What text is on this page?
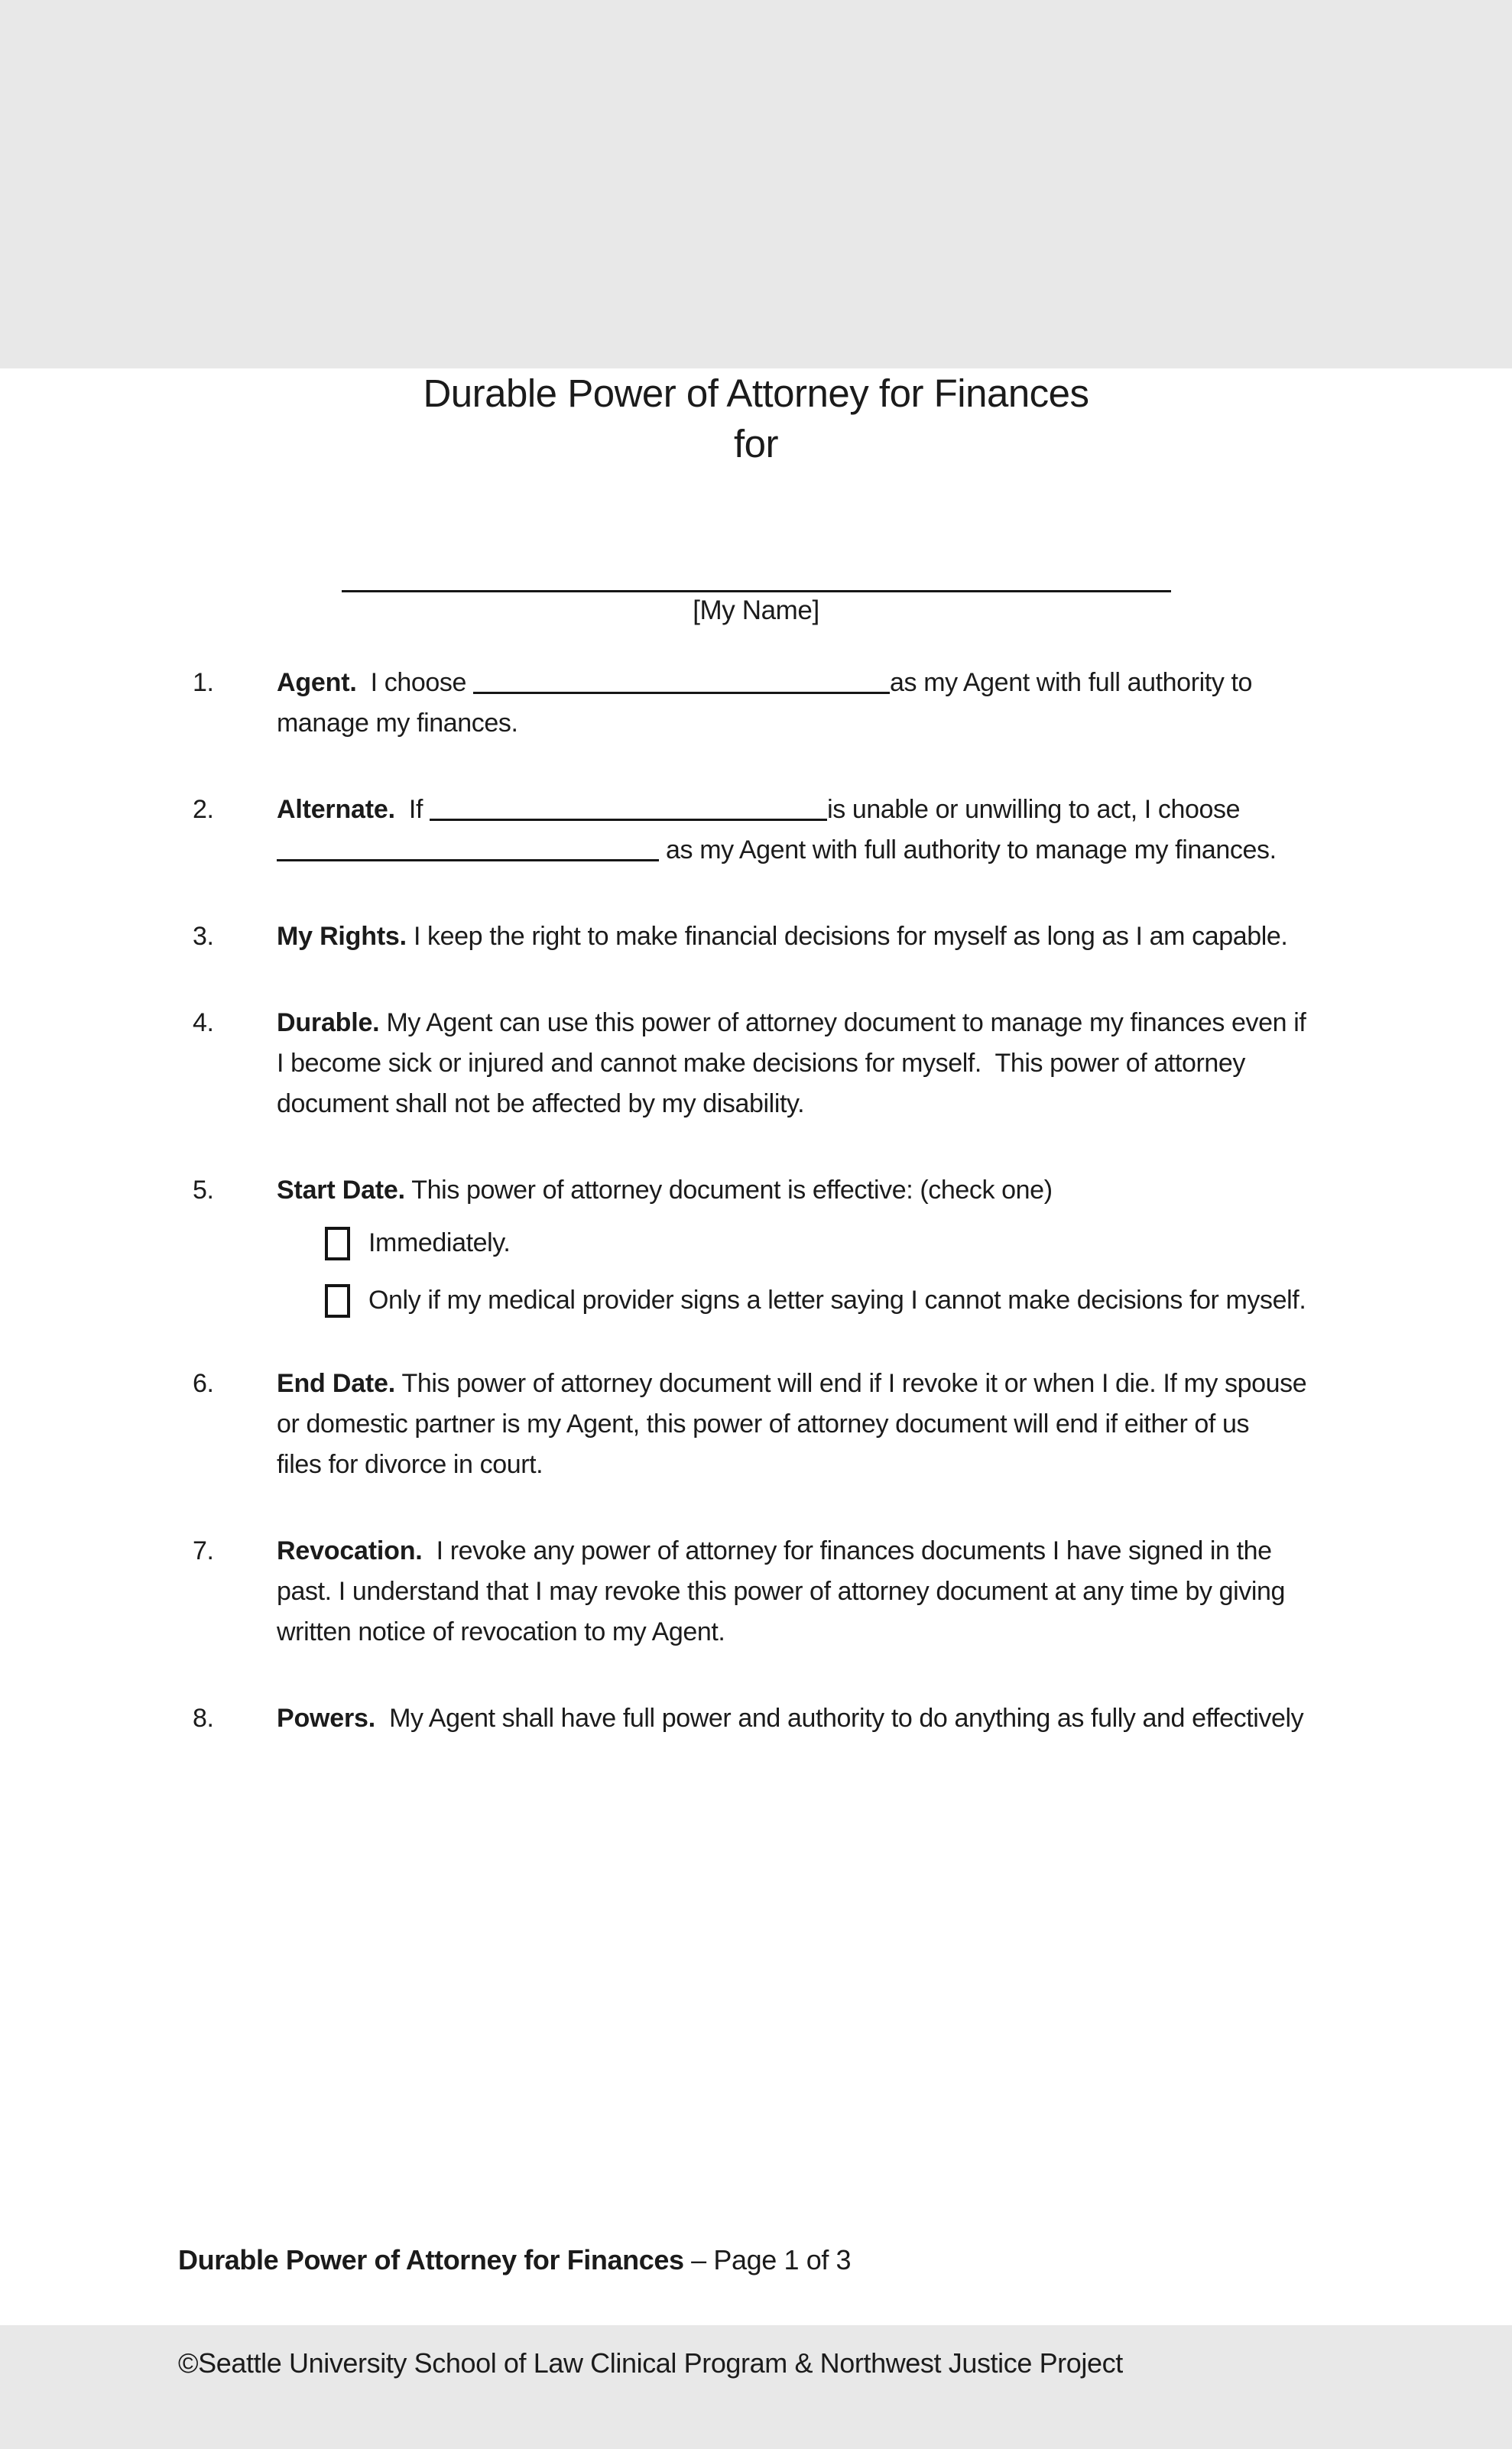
Durable Power of Attorney for Finances
for
[My Name]
1.	Agent.  I choose	as my Agent with full authority to
manage my finances.
2.	Alternate.  If	is unable or unwilling to act, I choose
as my Agent with full authority to manage my finances.
3.	My Rights. I keep the right to make financial decisions for myself as long as I am capable.
4.	Durable. My Agent can use this power of attorney document to manage my finances even if
I become sick or injured and cannot make decisions for myself.  This power of attorney
document shall not be affected by my disability.
5.	Start Date. This power of attorney document is effective: (check one)
Immediately.
Only if my medical provider signs a letter saying I cannot make decisions for myself.
6.	End Date. This power of attorney document will end if I revoke it or when I die. If my spouse
or domestic partner is my Agent, this power of attorney document will end if either of us
files for divorce in court.
7.	Revocation.  I revoke any power of attorney for finances documents I have signed in the
past. I understand that I may revoke this power of attorney document at any time by giving
written notice of revocation to my Agent.
8.	Powers.  My Agent shall have full power and authority to do anything as fully and effectively

Durable Power of Attorney for Finances – Page 1 of 3

©Seattle University School of Law Clinical Program & Northwest Justice Project
